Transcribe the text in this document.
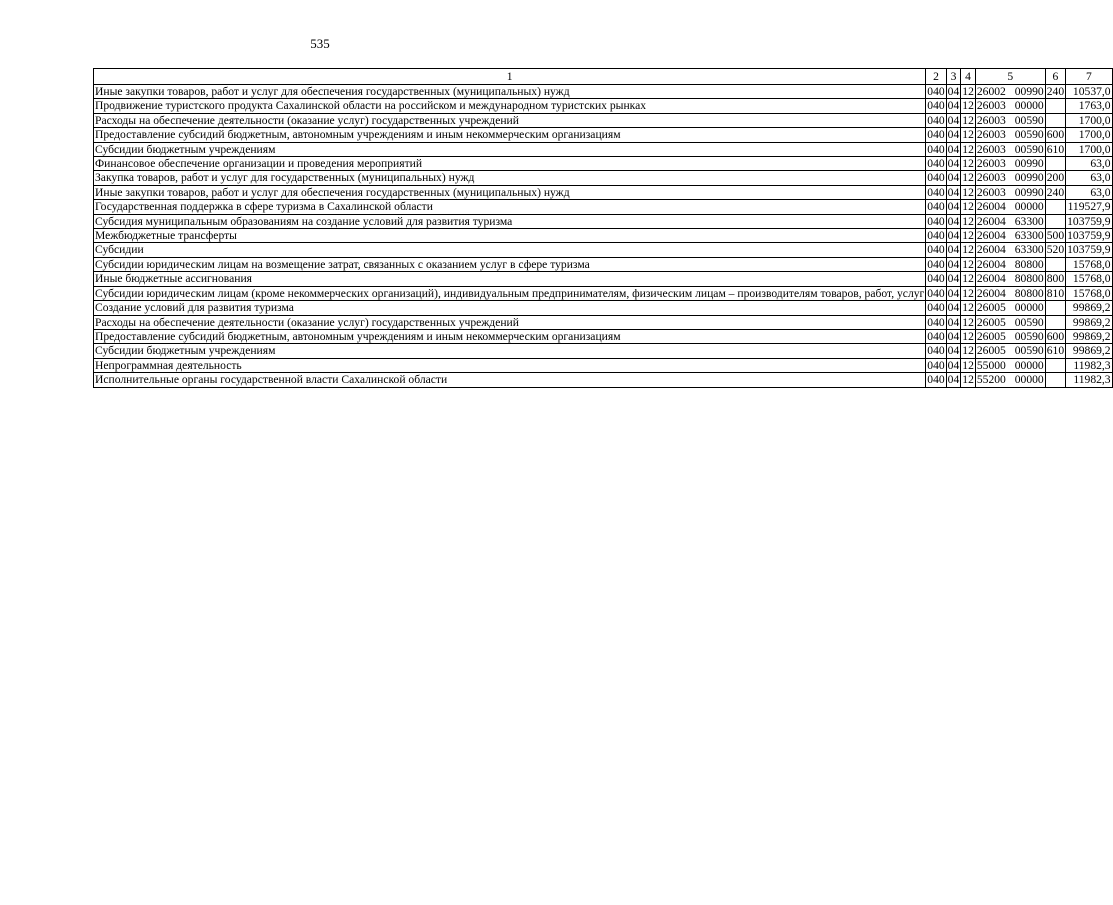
535
1	2	3	4	5	6	7
Иные закупки товаров, работ и услуг для обеспечения государственных (муниципальных) нужд	040	04	12	26002 00990	240	10537,0
Продвижение туристского продукта Сахалинской области на российском и международном туристских рынках	040	04	12	26003 00000		1763,0
Расходы на обеспечение деятельности (оказание услуг) государственных учреждений	040	04	12	26003 00590		1700,0
Предоставление субсидий бюджетным, автономным учреждениям и иным некоммерческим организациям	040	04	12	26003 00590	600	1700,0
Субсидии бюджетным учреждениям	040	04	12	26003 00590	610	1700,0
Финансовое обеспечение организации и проведения мероприятий	040	04	12	26003 00990		63,0
Закупка товаров, работ и услуг для государственных (муниципальных) нужд	040	04	12	26003 00990	200	63,0
Иные закупки товаров, работ и услуг для обеспечения государственных (муниципальных) нужд	040	04	12	26003 00990	240	63,0
Государственная поддержка в сфере туризма в Сахалинской области	040	04	12	26004 00000		119527,9
Субсидия муниципальным образованиям на создание условий для развития туризма	040	04	12	26004 63300		103759,9
Межбюджетные трансферты	040	04	12	26004 63300	500	103759,9
Субсидии	040	04	12	26004 63300	520	103759,9
Субсидии юридическим лицам на возмещение затрат, связанных с оказанием услуг в сфере туризма	040	04	12	26004 80800		15768,0
Иные бюджетные ассигнования	040	04	12	26004 80800	800	15768,0
Субсидии юридическим лицам (кроме некоммерческих организаций), индивидуальным предпринимателям, физическим лицам – производителям товаров, работ, услуг	040	04	12	26004 80800	810	15768,0
Создание условий для развития туризма	040	04	12	26005 00000		99869,2
Расходы на обеспечение деятельности (оказание услуг) государственных учреждений	040	04	12	26005 00590		99869,2
Предоставление субсидий бюджетным, автономным учреждениям и иным некоммерческим организациям	040	04	12	26005 00590	600	99869,2
Субсидии бюджетным учреждениям	040	04	12	26005 00590	610	99869,2
Непрограммная деятельность	040	04	12	55000 00000		11982,3
Исполнительные органы государственной власти Сахалинской области	040	04	12	55200 00000		11982,3
